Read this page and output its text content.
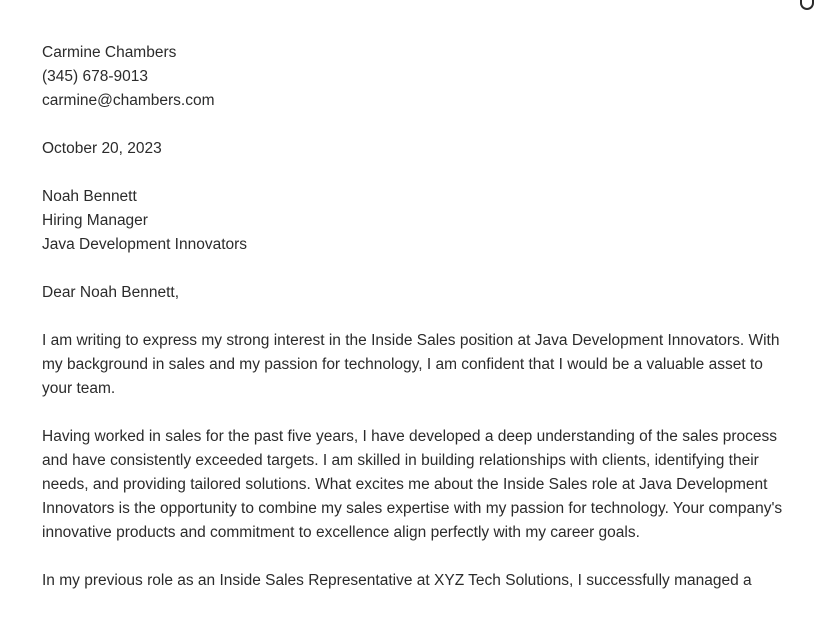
Carmine Chambers
(345) 678-9013
carmine@chambers.com
October 20, 2023
Noah Bennett
Hiring Manager
Java Development Innovators
Dear Noah Bennett,

I am writing to express my strong interest in the Inside Sales position at Java Development Innovators. With my background in sales and my passion for technology, I am confident that I would be a valuable asset to your team.

Having worked in sales for the past five years, I have developed a deep understanding of the sales process and have consistently exceeded targets. I am skilled in building relationships with clients, identifying their needs, and providing tailored solutions. What excites me about the Inside Sales role at Java Development Innovators is the opportunity to combine my sales expertise with my passion for technology. Your company's innovative products and commitment to excellence align perfectly with my career goals.

In my previous role as an Inside Sales Representative at XYZ Tech Solutions, I successfully managed a
